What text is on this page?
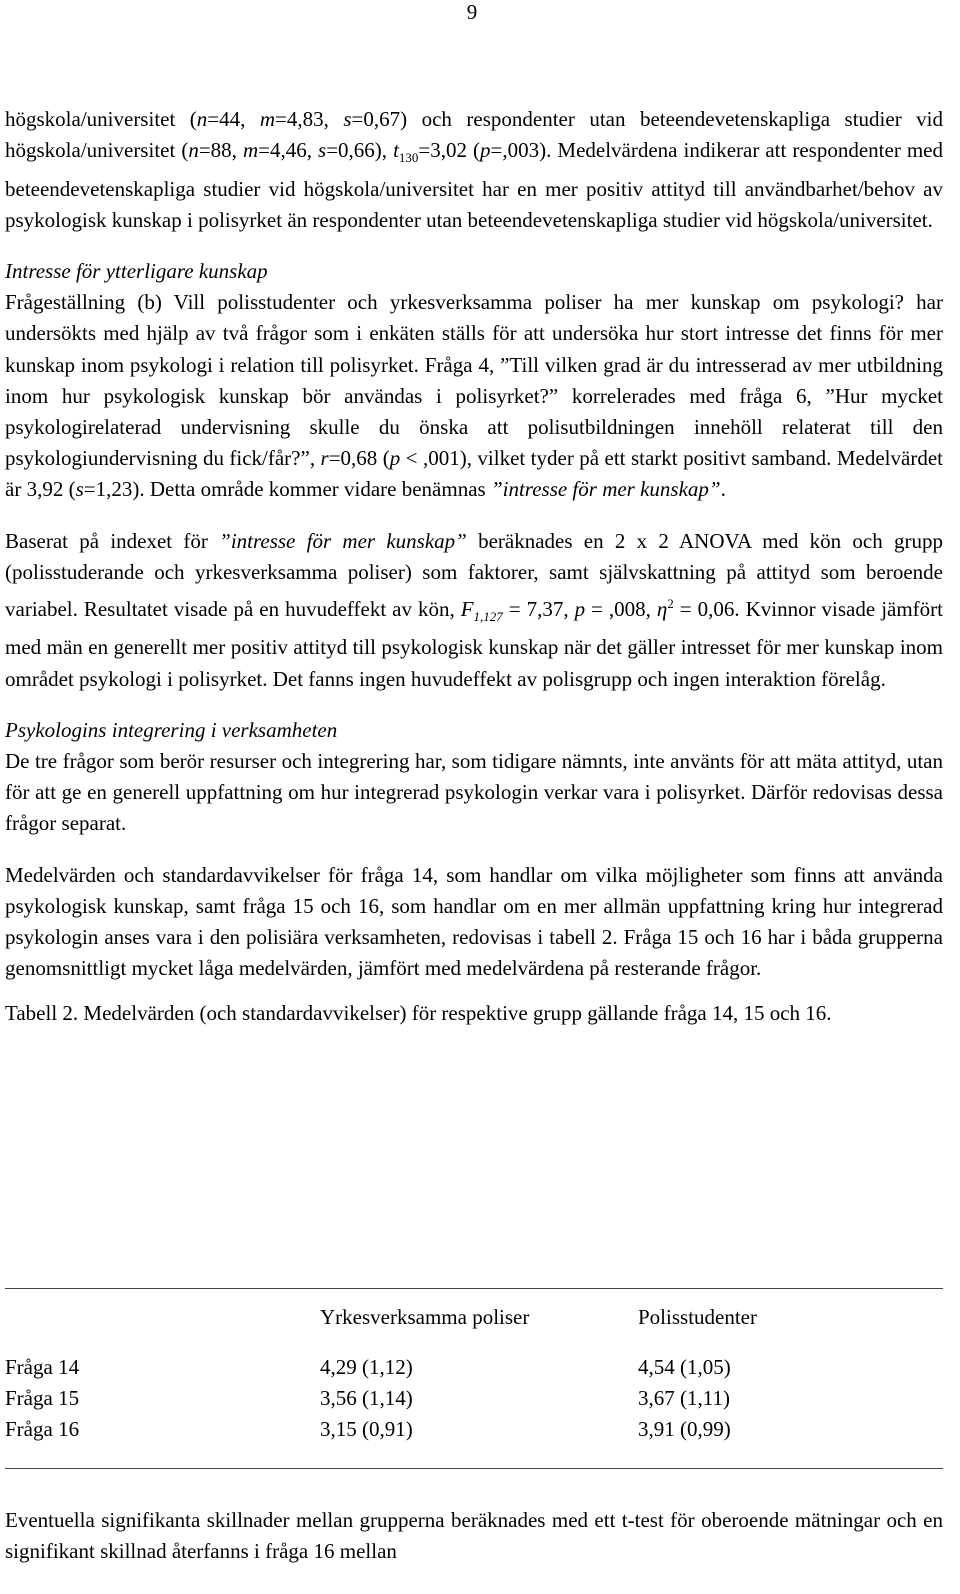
9

högskola/universitet (n=44, m=4,83, s=0,67) och respondenter utan beteendevetenskapliga studier vid högskola/universitet (n=88, m=4,46, s=0,66), $t_{130}=3,02$ (p=,003). Medelvärdena indikerar att respondenter med beteendevetenskapliga studier vid högskola/universitet har en mer positiv attityd till användbarhet/behov av psykologisk kunskap i polisyrket än respondenter utan beteendevetenskapliga studier vid högskola/universitet.

Intresse för ytterligare kunskap

Frågeställning (b) Vill polisstudenter och yrkesverksamma poliser ha mer kunskap om psykologi? har undersökts med hjälp av två frågor som i enkäten ställs för att undersöka hur stort intresse det finns för mer kunskap inom psykologi i relation till polisyrket. Fråga 4, ”Till vilken grad är du intresserad av mer utbildning inom hur psykologisk kunskap bör användas i polisyrket?” korrelerades med fråga 6, ”Hur mycket psykologirelaterad undervisning skulle du önska att polisutbildningen innehöll relaterat till den psykologiundervisning du fick/får?”, r=0,68 (p < ,001), vilket tyder på ett starkt positivt samband. Medelvärdet är 3,92 (s=1,23). Detta område kommer vidare benämnas ”intresse för mer kunskap”.

Baserat på indexet för ”intresse för mer kunskap” beräknades en 2 x 2 ANOVA med kön och grupp (polisstuderande och yrkesverksamma poliser) som faktorer, samt självskattning på attityd som beroende variabel. Resultatet visade på en huvudeffekt av kön, $F_{1,127} = 7,37$, p = ,008, $\eta^2 = 0,06$. Kvinnor visade jämfört med män en generellt mer positiv attityd till psykologisk kunskap när det gäller intresset för mer kunskap inom området psykologi i polisyrket. Det fanns ingen huvudeffekt av polisgrupp och ingen interaktion förelåg.

Psykologins integrering i verksamheten

De tre frågor som berör resurser och integrering har, som tidigare nämnts, inte använts för att mäta attityd, utan för att ge en generell uppfattning om hur integrerad psykologin verkar vara i polisyrket. Därför redovisas dessa frågor separat.

Medelvärden och standardavvikelser för fråga 14, som handlar om vilka möjligheter som finns att använda psykologisk kunskap, samt fråga 15 och 16, som handlar om en mer allmän uppfattning kring hur integrerad psykologin anses vara i den polisiära verksamheten, redovisas i tabell 2. Fråga 15 och 16 har i båda grupperna genomsnittligt mycket låga medelvärden, jämfört med medelvärdena på resterande frågor.

Tabell 2. Medelvärden (och standardavvikelser) för respektive grupp gällande fråga 14, 15 och 16.

	Yrkesverksamma poliser	Polisstudenter
Fråga 14	4,29 (1,12)	4,54 (1,05)
Fråga 15	3,56 (1,14)	3,67 (1,11)
Fråga 16	3,15 (0,91)	3,91 (0,99)

Eventuella signifikanta skillnader mellan grupperna beräknades med ett t-test för oberoende mätningar och en signifikant skillnad återfanns i fråga 16 mellan
